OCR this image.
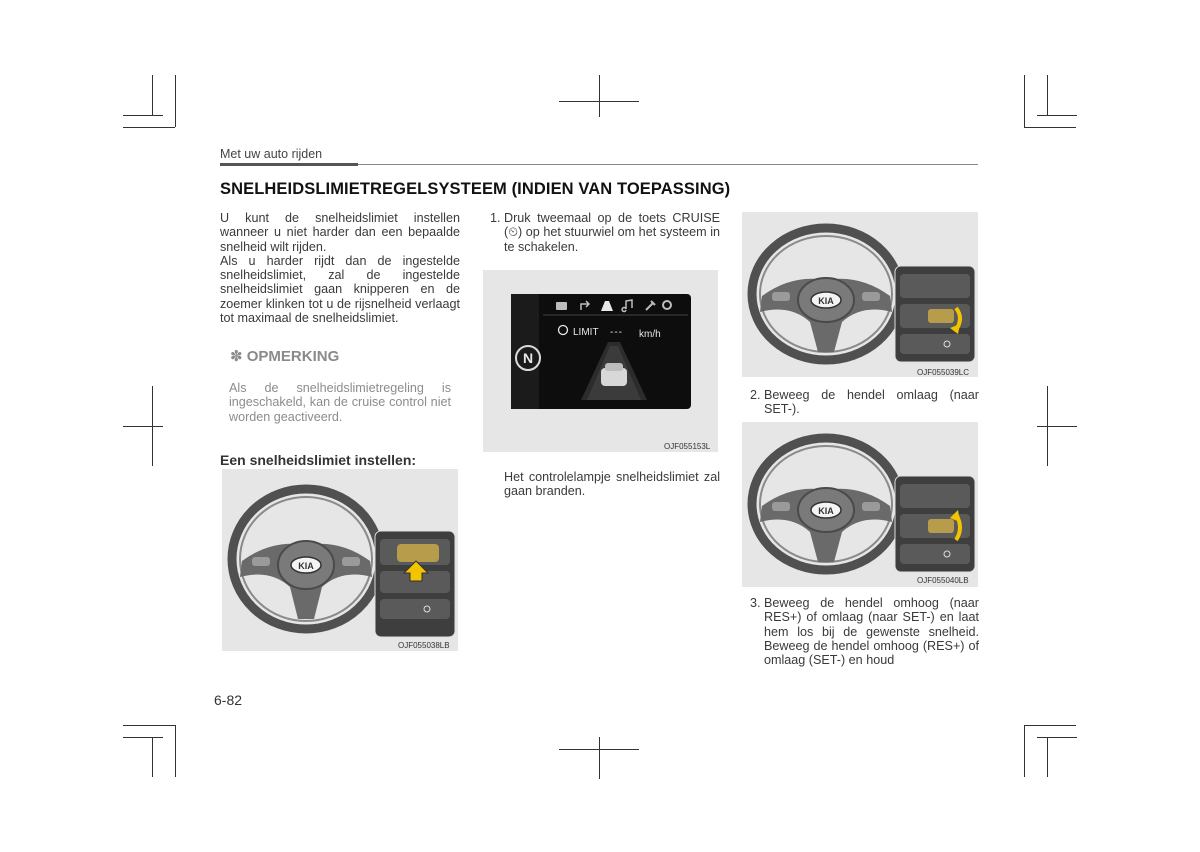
Met uw auto rijden
SNELHEIDSLIMIETREGELSYSTEEM (INDIEN VAN TOEPASSING)
U kunt de snelheidslimiet instellen wanneer u niet harder dan een bepaalde snelheid wilt rijden.
Als u harder rijdt dan de ingestelde snelheidslimiet, zal de ingestelde snelheidslimiet gaan knipperen en de zoemer klinken tot u de rijsnelheid verlaagt tot maximaal de snelheidslimiet.
✽ OPMERKING
Als de snelheidslimietregeling is ingeschakeld, kan de cruise control niet worden geactiveerd.
Een snelheidslimiet instellen:
KIA
OJF055038LB
1. Druk tweemaal op de toets CRUISE (⏲) op het stuurwiel om het systeem in te schakelen.
N
LIMIT --- km/h
OJF055153L
Het controlelampje snelheidslimiet zal gaan branden.
KIA
OJF055039LC
2. Beweeg de hendel omlaag (naar SET-).
KIA
OJF055040LB
3. Beweeg de hendel omhoog (naar RES+) of omlaag (naar SET-) en laat hem los bij de gewenste snelheid. Beweeg de hendel omhoog (RES+) of omlaag (SET-) en houd
6-82
